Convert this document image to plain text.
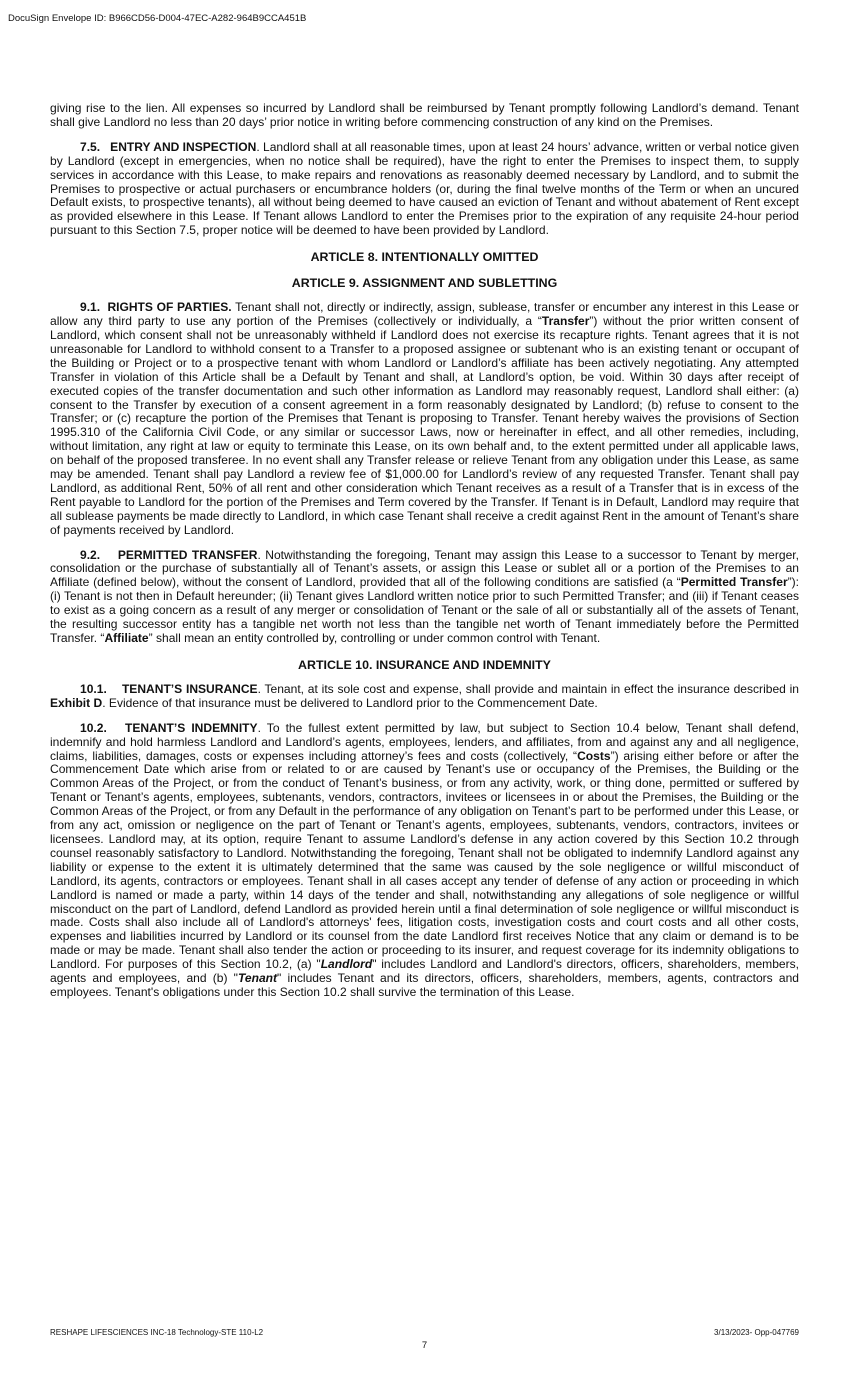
DocuSign Envelope ID: B966CD56-D004-47EC-A282-964B9CCA451B

giving rise to the lien. All expenses so incurred by Landlord shall be reimbursed by Tenant promptly following Landlord’s demand. Tenant shall give Landlord no less than 20 days’ prior notice in writing before commencing construction of any kind on the Premises.

7.5. ENTRY AND INSPECTION. Landlord shall at all reasonable times, upon at least 24 hours’ advance, written or verbal notice given by Landlord (except in emergencies, when no notice shall be required), have the right to enter the Premises to inspect them, to supply services in accordance with this Lease, to make repairs and renovations as reasonably deemed necessary by Landlord, and to submit the Premises to prospective or actual purchasers or encumbrance holders (or, during the final twelve months of the Term or when an uncured Default exists, to prospective tenants), all without being deemed to have caused an eviction of Tenant and without abatement of Rent except as provided elsewhere in this Lease. If Tenant allows Landlord to enter the Premises prior to the expiration of any requisite 24-hour period pursuant to this Section 7.5, proper notice will be deemed to have been provided by Landlord.

ARTICLE 8. INTENTIONALLY OMITTED
ARTICLE 9. ASSIGNMENT AND SUBLETTING

9.1. RIGHTS OF PARTIES. Tenant shall not, directly or indirectly, assign, sublease, transfer or encumber any interest in this Lease or allow any third party to use any portion of the Premises (collectively or individually, a “Transfer”) without the prior written consent of Landlord, which consent shall not be unreasonably withheld if Landlord does not exercise its recapture rights. Tenant agrees that it is not unreasonable for Landlord to withhold consent to a Transfer to a proposed assignee or subtenant who is an existing tenant or occupant of the Building or Project or to a prospective tenant with whom Landlord or Landlord’s affiliate has been actively negotiating. Any attempted Transfer in violation of this Article shall be a Default by Tenant and shall, at Landlord’s option, be void. Within 30 days after receipt of executed copies of the transfer documentation and such other information as Landlord may reasonably request, Landlord shall either: (a) consent to the Transfer by execution of a consent agreement in a form reasonably designated by Landlord; (b) refuse to consent to the Transfer; or (c) recapture the portion of the Premises that Tenant is proposing to Transfer. Tenant hereby waives the provisions of Section 1995.310 of the California Civil Code, or any similar or successor Laws, now or hereinafter in effect, and all other remedies, including, without limitation, any right at law or equity to terminate this Lease, on its own behalf and, to the extent permitted under all applicable laws, on behalf of the proposed transferee. In no event shall any Transfer release or relieve Tenant from any obligation under this Lease, as same may be amended. Tenant shall pay Landlord a review fee of $1,000.00 for Landlord’s review of any requested Transfer. Tenant shall pay Landlord, as additional Rent, 50% of all rent and other consideration which Tenant receives as a result of a Transfer that is in excess of the Rent payable to Landlord for the portion of the Premises and Term covered by the Transfer. If Tenant is in Default, Landlord may require that all sublease payments be made directly to Landlord, in which case Tenant shall receive a credit against Rent in the amount of Tenant’s share of payments received by Landlord.

9.2. PERMITTED TRANSFER. Notwithstanding the foregoing, Tenant may assign this Lease to a successor to Tenant by merger, consolidation or the purchase of substantially all of Tenant’s assets, or assign this Lease or sublet all or a portion of the Premises to an Affiliate (defined below), without the consent of Landlord, provided that all of the following conditions are satisfied (a “Permitted Transfer”): (i) Tenant is not then in Default hereunder; (ii) Tenant gives Landlord written notice prior to such Permitted Transfer; and (iii) if Tenant ceases to exist as a going concern as a result of any merger or consolidation of Tenant or the sale of all or substantially all of the assets of Tenant, the resulting successor entity has a tangible net worth not less than the tangible net worth of Tenant immediately before the Permitted Transfer. “Affiliate” shall mean an entity controlled by, controlling or under common control with Tenant.

ARTICLE 10. INSURANCE AND INDEMNITY

10.1. TENANT’S INSURANCE. Tenant, at its sole cost and expense, shall provide and maintain in effect the insurance described in Exhibit D. Evidence of that insurance must be delivered to Landlord prior to the Commencement Date.

10.2. TENANT’S INDEMNITY. To the fullest extent permitted by law, but subject to Section 10.4 below, Tenant shall defend, indemnify and hold harmless Landlord and Landlord’s agents, employees, lenders, and affiliates, from and against any and all negligence, claims, liabilities, damages, costs or expenses including attorney’s fees and costs (collectively, “Costs”) arising either before or after the Commencement Date which arise from or related to or are caused by Tenant’s use or occupancy of the Premises, the Building or the Common Areas of the Project, or from the conduct of Tenant’s business, or from any activity, work, or thing done, permitted or suffered by Tenant or Tenant’s agents, employees, subtenants, vendors, contractors, invitees or licensees in or about the Premises, the Building or the Common Areas of the Project, or from any Default in the performance of any obligation on Tenant’s part to be performed under this Lease, or from any act, omission or negligence on the part of Tenant or Tenant’s agents, employees, subtenants, vendors, contractors, invitees or licensees. Landlord may, at its option, require Tenant to assume Landlord’s defense in any action covered by this Section 10.2 through counsel reasonably satisfactory to Landlord. Notwithstanding the foregoing, Tenant shall not be obligated to indemnify Landlord against any liability or expense to the extent it is ultimately determined that the same was caused by the sole negligence or willful misconduct of Landlord, its agents, contractors or employees. Tenant shall in all cases accept any tender of defense of any action or proceeding in which Landlord is named or made a party, within 14 days of the tender and shall, notwithstanding any allegations of sole negligence or willful misconduct on the part of Landlord, defend Landlord as provided herein until a final determination of sole negligence or willful misconduct is made. Costs shall also include all of Landlord's attorneys' fees, litigation costs, investigation costs and court costs and all other costs, expenses and liabilities incurred by Landlord or its counsel from the date Landlord first receives Notice that any claim or demand is to be made or may be made. Tenant shall also tender the action or proceeding to its insurer, and request coverage for its indemnity obligations to Landlord. For purposes of this Section 10.2, (a) "Landlord" includes Landlord and Landlord's directors, officers, shareholders, members, agents and employees, and (b) "Tenant" includes Tenant and its directors, officers, shareholders, members, agents, contractors and employees. Tenant's obligations under this Section 10.2 shall survive the termination of this Lease.

RESHAPE LIFESCIENCES INC-18 Technology-STE 110-L2	3/13/2023- Opp-047769
7
